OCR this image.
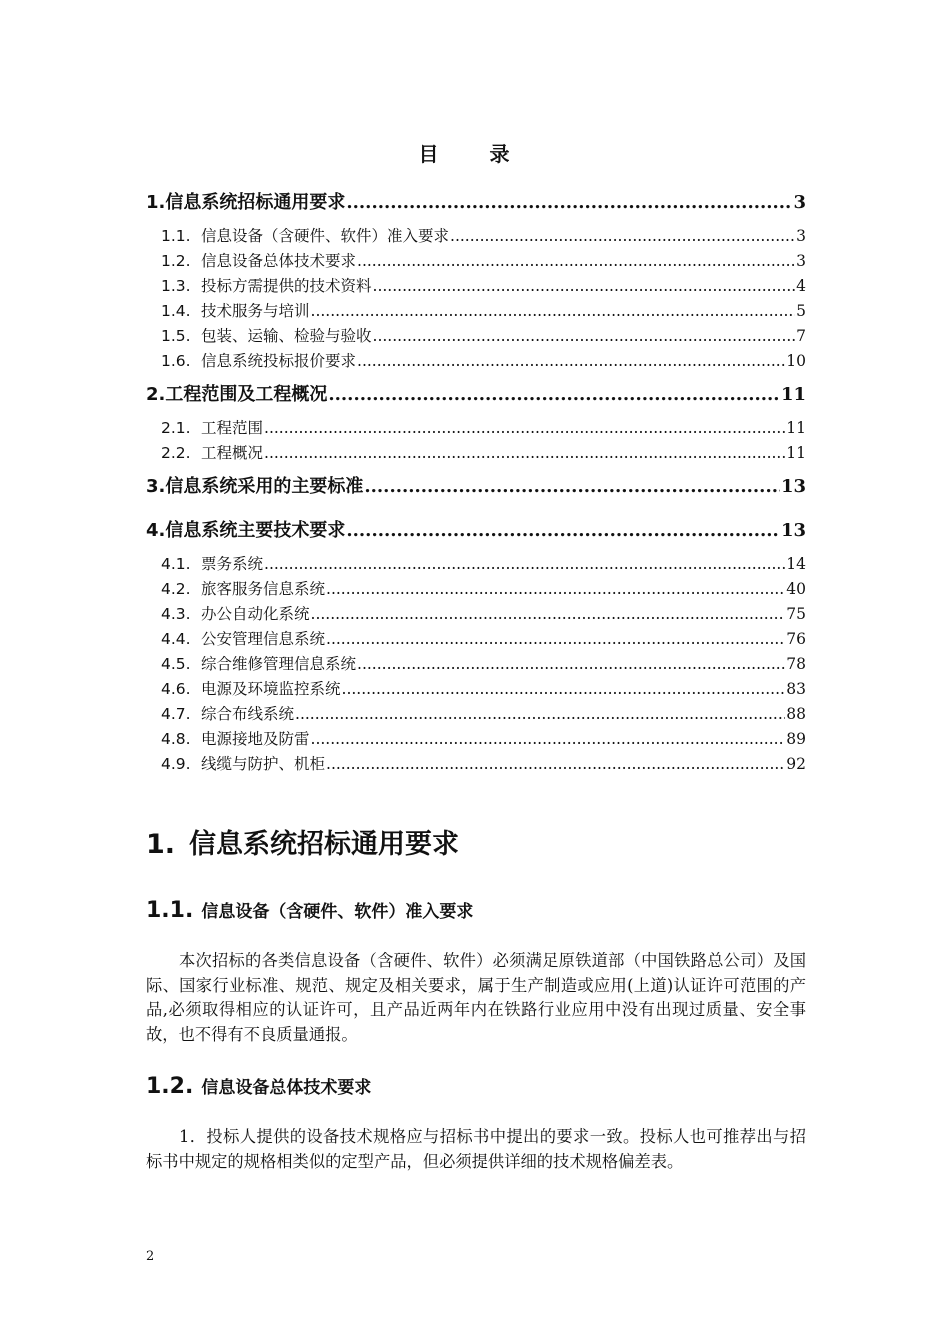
目 录
1. 信息系统招标通用要求 .....	3
1.1. 信息设备（含硬件、软件）准入要求 .....	3
1.2. 信息设备总体技术要求 .....	3
1.3. 投标方需提供的技术资料 .....	4
1.4. 技术服务与培训 .....	5
1.5. 包装、运输、检验与验收 .....	7
1.6. 信息系统投标报价要求 .....	10
2. 工程范围及工程概况 .....	11
2.1. 工程范围 .....	11
2.2. 工程概况 .....	11
3. 信息系统采用的主要标准 .....	13
4. 信息系统主要技术要求 .....	13
4.1. 票务系统 .....	14
4.2. 旅客服务信息系统 .....	40
4.3. 办公自动化系统 .....	75
4.4. 公安管理信息系统 .....	76
4.5. 综合维修管理信息系统 .....	78
4.6. 电源及环境监控系统 .....	83
4.7. 综合布线系统 .....	88
4.8. 电源接地及防雷 .....	89
4.9. 线缆与防护、机柜 .....	92
1. 信息系统招标通用要求
1.1. 信息设备（含硬件、软件）准入要求
本次招标的各类信息设备（含硬件、软件）必须满足原铁道部（中国铁路总公司）及国际、国家行业标准、规范、规定及相关要求，属于生产制造或应用(上道)认证许可范围的产品,必须取得相应的认证许可，且产品近两年内在铁路行业应用中没有出现过质量、安全事故，也不得有不良质量通报。
1.2. 信息设备总体技术要求
1．投标人提供的设备技术规格应与招标书中提出的要求一致。投标人也可推荐出与招标书中规定的规格相类似的定型产品，但必须提供详细的技术规格偏差表。
2
